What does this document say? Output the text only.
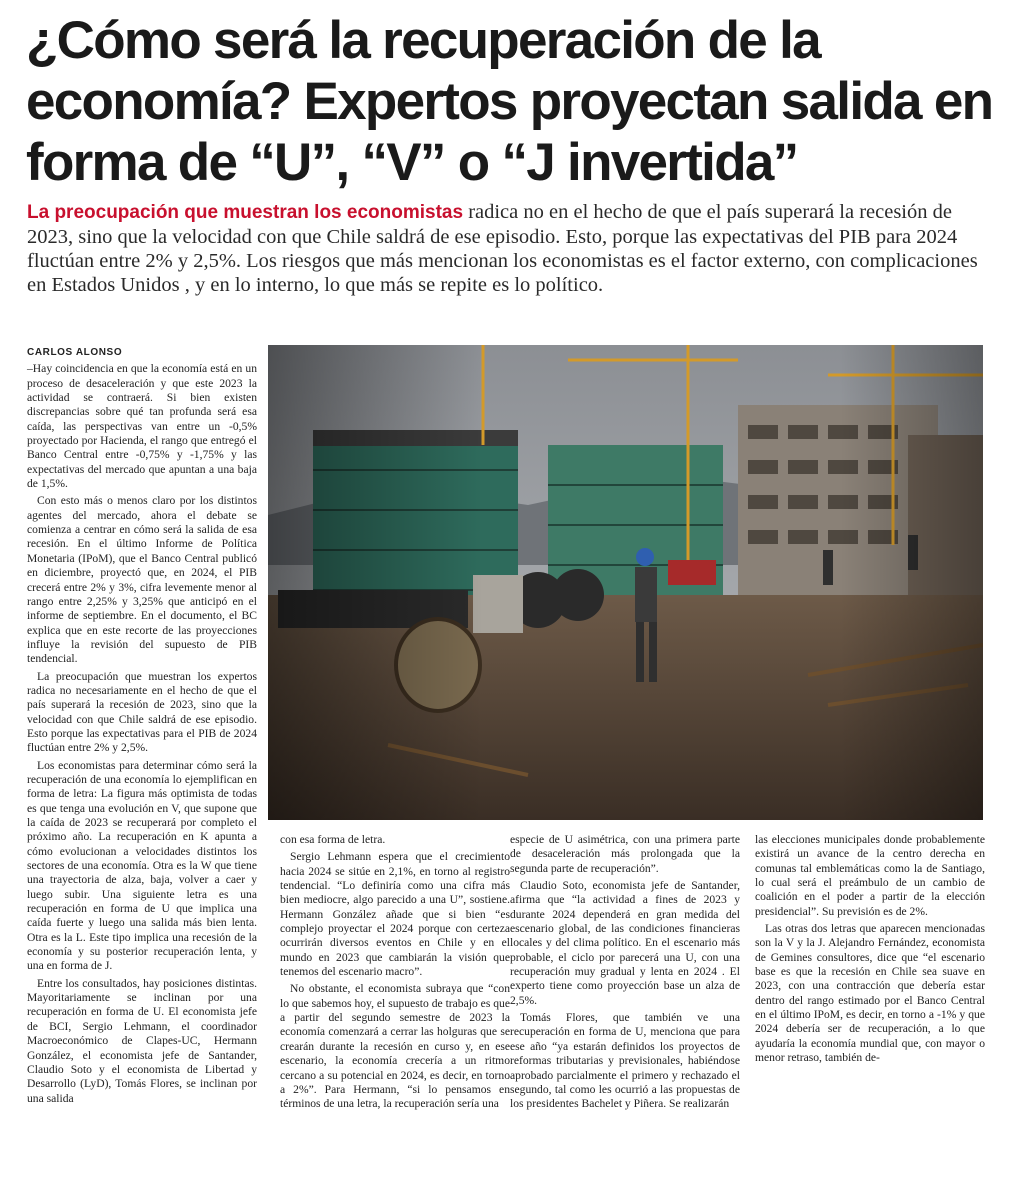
¿Cómo será la recuperación de la economía? Expertos proyectan salida en forma de “U”, “V” o “J invertida”

La preocupación que muestran los economistas radica no en el hecho de que el país superará la recesión de 2023, sino que la velocidad con que Chile saldrá de ese episodio. Esto, porque las expectativas del PIB para 2024 fluctúan entre 2% y 2,5%. Los riesgos que más mencionan los economistas es el factor externo, con complicaciones en Estados Unidos , y en lo interno, lo que más se repite es lo político.

CARLOS ALONSO

–Hay coincidencia en que la economía está en un proceso de desaceleración y que este 2023 la actividad se contraerá. Si bien existen discrepancias sobre qué tan profunda será esa caída, las perspectivas van entre un -0,5% proyectado por Hacienda, el rango que entregó el Banco Central entre -0,75% y -1,75% y las expectativas del mercado que apuntan a una baja de 1,5%.

Con esto más o menos claro por los distintos agentes del mercado, ahora el debate se comienza a centrar en cómo será la salida de esa recesión. En el último Informe de Política Monetaria (IPoM), que el Banco Central publicó en diciembre, proyectó que, en 2024, el PIB crecerá entre 2% y 3%, cifra levemente menor al rango entre 2,25% y 3,25% que anticipó en el informe de septiembre. En el documento, el BC explica que en este recorte de las proyecciones influye la revisión del supuesto de PIB tendencial.

La preocupación que muestran los expertos radica no necesariamente en el hecho de que el país superará la recesión de 2023, sino que la velocidad con que Chile saldrá de ese episodio. Esto porque las expectativas para el PIB de 2024 fluctúan entre 2% y 2,5%.

Los economistas para determinar cómo será la recuperación de una economía lo ejemplifican en forma de letra: La figura más optimista de todas es que tenga una evolución en V, que supone que la caída de 2023 se recuperará por completo el próximo año. La recuperación en K apunta a cómo evolucionan a velocidades distintos los sectores de una economía. Otra es la W que tiene una trayectoria de alza, baja, volver a caer y luego subir. Una siguiente letra es una recuperación en forma de U que implica una caída fuerte y luego una salida más bien lenta. Otra es la L. Este tipo implica una recesión de la economía y su posterior recuperación lenta, y una en forma de J.

Entre los consultados, hay posiciones distintas. Mayoritariamente se inclinan por una recuperación en forma de U. El economista jefe de BCI, Sergio Lehmann, el coordinador Macroeconómico de Clapes-UC, Hermann González, el economista jefe de Santander, Claudio Soto y el economista de Libertad y Desarrollo (LyD), Tomás Flores, se inclinan por una salida

con esa forma de letra.

Sergio Lehmann espera que el crecimiento hacia 2024 se sitúe en 2,1%, en torno al registro tendencial. “Lo definiría como una cifra más bien mediocre, algo parecido a una U”, sostiene. Hermann González añade que si bien “es complejo proyectar el 2024 porque con certeza ocurrirán diversos eventos en Chile y en el mundo en 2023 que cambiarán la visión que tenemos del escenario macro”.

No obstante, el economista subraya que “con lo que sabemos hoy, el supuesto de trabajo es que a partir del segundo semestre de 2023 la economía comenzará a cerrar las holguras que se crearán durante la recesión en curso y, en ese escenario, la economía crecería a un ritmo cercano a su potencial en 2024, es decir, en torno a 2%”. Para Hermann, “si lo pensamos en términos de una letra, la recuperación sería una

especie de U asimétrica, con una primera parte de desaceleración más prolongada que la segunda parte de recuperación”.

Claudio Soto, economista jefe de Santander, afirma que “la actividad a fines de 2023 y durante 2024 dependerá en gran medida del escenario global, de las condiciones financieras locales y del clima político. En el escenario más probable, el ciclo por parecerá una U, con una recuperación muy gradual y lenta en 2024 . El experto tiene como proyección base un alza de 2,5%.

Tomás Flores, que también ve una recuperación en forma de U, menciona que para ese año “ya estarán definidos los proyectos de reformas tributarias y previsionales, habiéndose aprobado parcialmente el primero y rechazado el segundo, tal como les ocurrió a las propuestas de los presidentes Bachelet y Piñera. Se realizarán

las elecciones municipales donde probablemente existirá un avance de la centro derecha en comunas tal emblemáticas como la de Santiago, lo cual será el preámbulo de un cambio de coalición en el poder a partir de la elección presidencial”. Su previsión es de 2%.

Las otras dos letras que aparecen mencionadas son la V y la J. Alejandro Fernández, economista de Gemines consultores, dice que “el escenario base es que la recesión en Chile sea suave en 2023, con una contracción que debería estar dentro del rango estimado por el Banco Central en el último IPoM, es decir, en torno a -1% y que 2024 debería ser de recuperación, a lo que ayudaría la economía mundial que, con mayor o menor retraso, también de-
